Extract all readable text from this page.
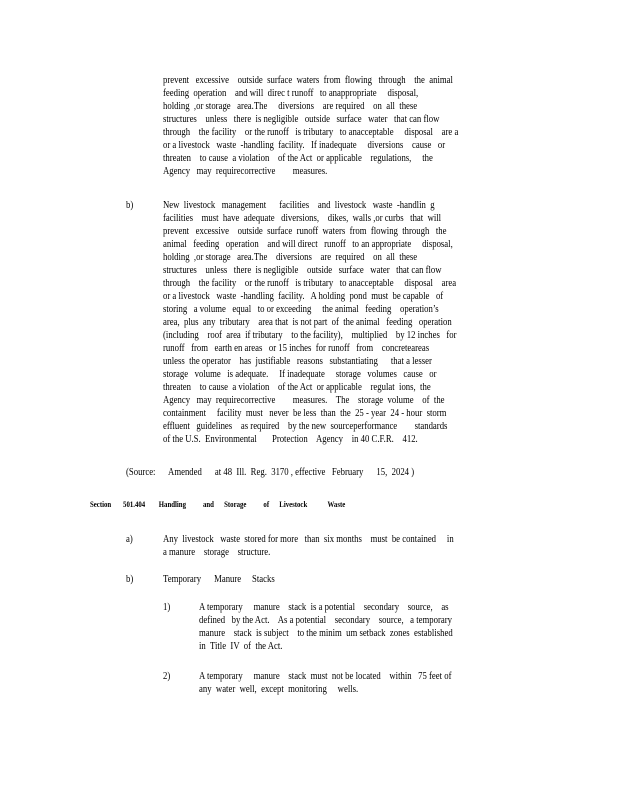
prevent   excessive    outside  surface  waters  from  flowing   through    the  animal
feeding  operation    and will  direc t runoff   to anappropriate     disposal,
holding  ,or storage   area.The     diversions    are required    on  all  these
structures    unless   there  is negligible   outside   surface   water   that can flow
through    the facility    or the runoff   is tributary   to anacceptable     disposal    are a
or a livestock   waste  -handling  facility.   If inadequate     diversions    cause   or
threaten    to cause  a violation    of the Act  or applicable    regulations,     the
Agency   may  requirecorrective        measures.
b)	New  livestock   management      facilities    and  livestock   waste  -handlin  g
facilities    must  have  adequate   diversions,    dikes,  walls ,or curbs   that  will
prevent   excessive    outside  surface  runoff  waters  from  flowing  through   the
animal   feeding   operation    and will direct   runoff   to an appropriate     disposal,
holding  ,or storage   area.The    diversions    are  required    on  all  these
structures    unless   there  is negligible    outside   surface   water   that can flow
through    the facility    or the runoff   is tributary   to anacceptable     disposal    area
or a livestock   waste  -handling  facility.   A holding  pond  must  be capable   of
storing   a volume   equal   to or exceeding     the animal   feeding    operation’s
area,  plus  any  tributary    area that  is not part  of  the animal   feeding   operation
(including    roof  area  if tributary    to the facility),    multiplied    by 12 inches   for
runoff   from   earth en areas   or 15 inches  for runoff   from    concreteareas
unless  the operator    has  justifiable   reasons   substantiating      that a lesser
storage   volume   is adequate.     If inadequate     storage   volumes   cause   or
threaten    to cause  a violation    of the Act  or applicable    regulat  ions,  the
Agency   may  requirecorrective        measures.    The    storage  volume    of  the
containment     facility  must   never  be less  than  the  25 - year  24 - hour  storm
effluent   guidelines    as required    by the new  sourceperformance        standards
of the U.S.  Environmental       Protection    Agency    in 40 C.F.R.    412.
(Source:      Amended      at 48  Ill.  Reg.  3170 , effective   February      15,  2024 )
Section       501.404        Handling          and      Storage          of      Livestock            Waste
a)	Any  livestock   waste  stored for more   than  six months    must  be contained     in
a manure    storage    structure.
b)	Temporary      Manure     Stacks
1)	A temporary     manure    stack  is a potential    secondary    source,    as
defined   by the Act.    As a potential    secondary    source,   a temporary
manure    stack  is subject    to the minim  um setback  zones  established
in  Title  IV  of  the Act.
2)	A temporary     manure    stack  must  not be located    within   75 feet of
any  water  well,  except  monitoring     wells.
